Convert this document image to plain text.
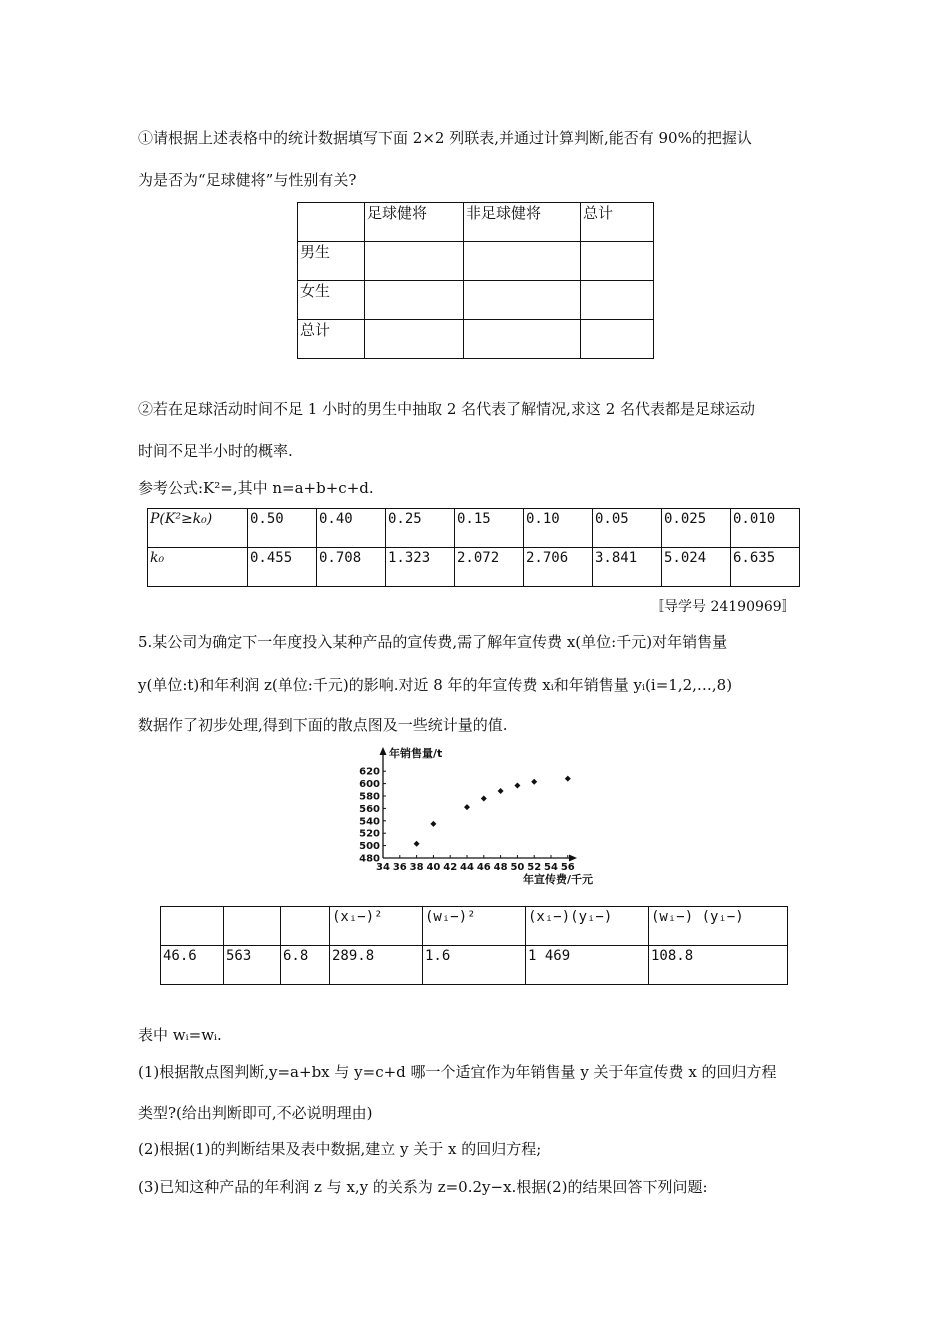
①请根据上述表格中的统计数据填写下面 2×2 列联表,并通过计算判断,能否有 90%的把握认
为是否为“足球健将”与性别有关?
	足球健将	非足球健将	总计
男生			
女生			
总计			
②若在足球活动时间不足 1 小时的男生中抽取 2 名代表了解情况,求这 2 名代表都是足球运动
时间不足半小时的概率.
参考公式:K²=,其中 n=a+b+c+d.
P(K²≥k₀)	0.50	0.40	0.25	0.15	0.10	0.05	0.025	0.010
k₀	0.455	0.708	1.323	2.072	2.706	3.841	5.024	6.635
〚导学号 24190969〛
5.某公司为确定下一年度投入某种产品的宣传费,需了解年宣传费 x(单位:千元)对年销售量
y(单位:t)和年利润 z(单位:千元)的影响.对近 8 年的年宣传费 xᵢ和年销售量 yᵢ(i=1,2,…,8)
数据作了初步处理,得到下面的散点图及一些统计量的值.
480
500
520
540
560
580
600
620
34 36 38 40 42 44 46 48 50 52 54 56
年销售量/t
年宣传费/千元
			(xᵢ−)²	(wᵢ−)²	(xᵢ−)(yᵢ−)	(wᵢ−) (yᵢ−)
46.6	563	6.8	289.8	1.6	1 469	108.8
表中 wᵢ=wᵢ.
(1)根据散点图判断,y=a+bx 与 y=c+d 哪一个适宜作为年销售量 y 关于年宣传费 x 的回归方程
类型?(给出判断即可,不必说明理由)
(2)根据(1)的判断结果及表中数据,建立 y 关于 x 的回归方程;
(3)已知这种产品的年利润 z 与 x,y 的关系为 z=0.2y−x.根据(2)的结果回答下列问题:
